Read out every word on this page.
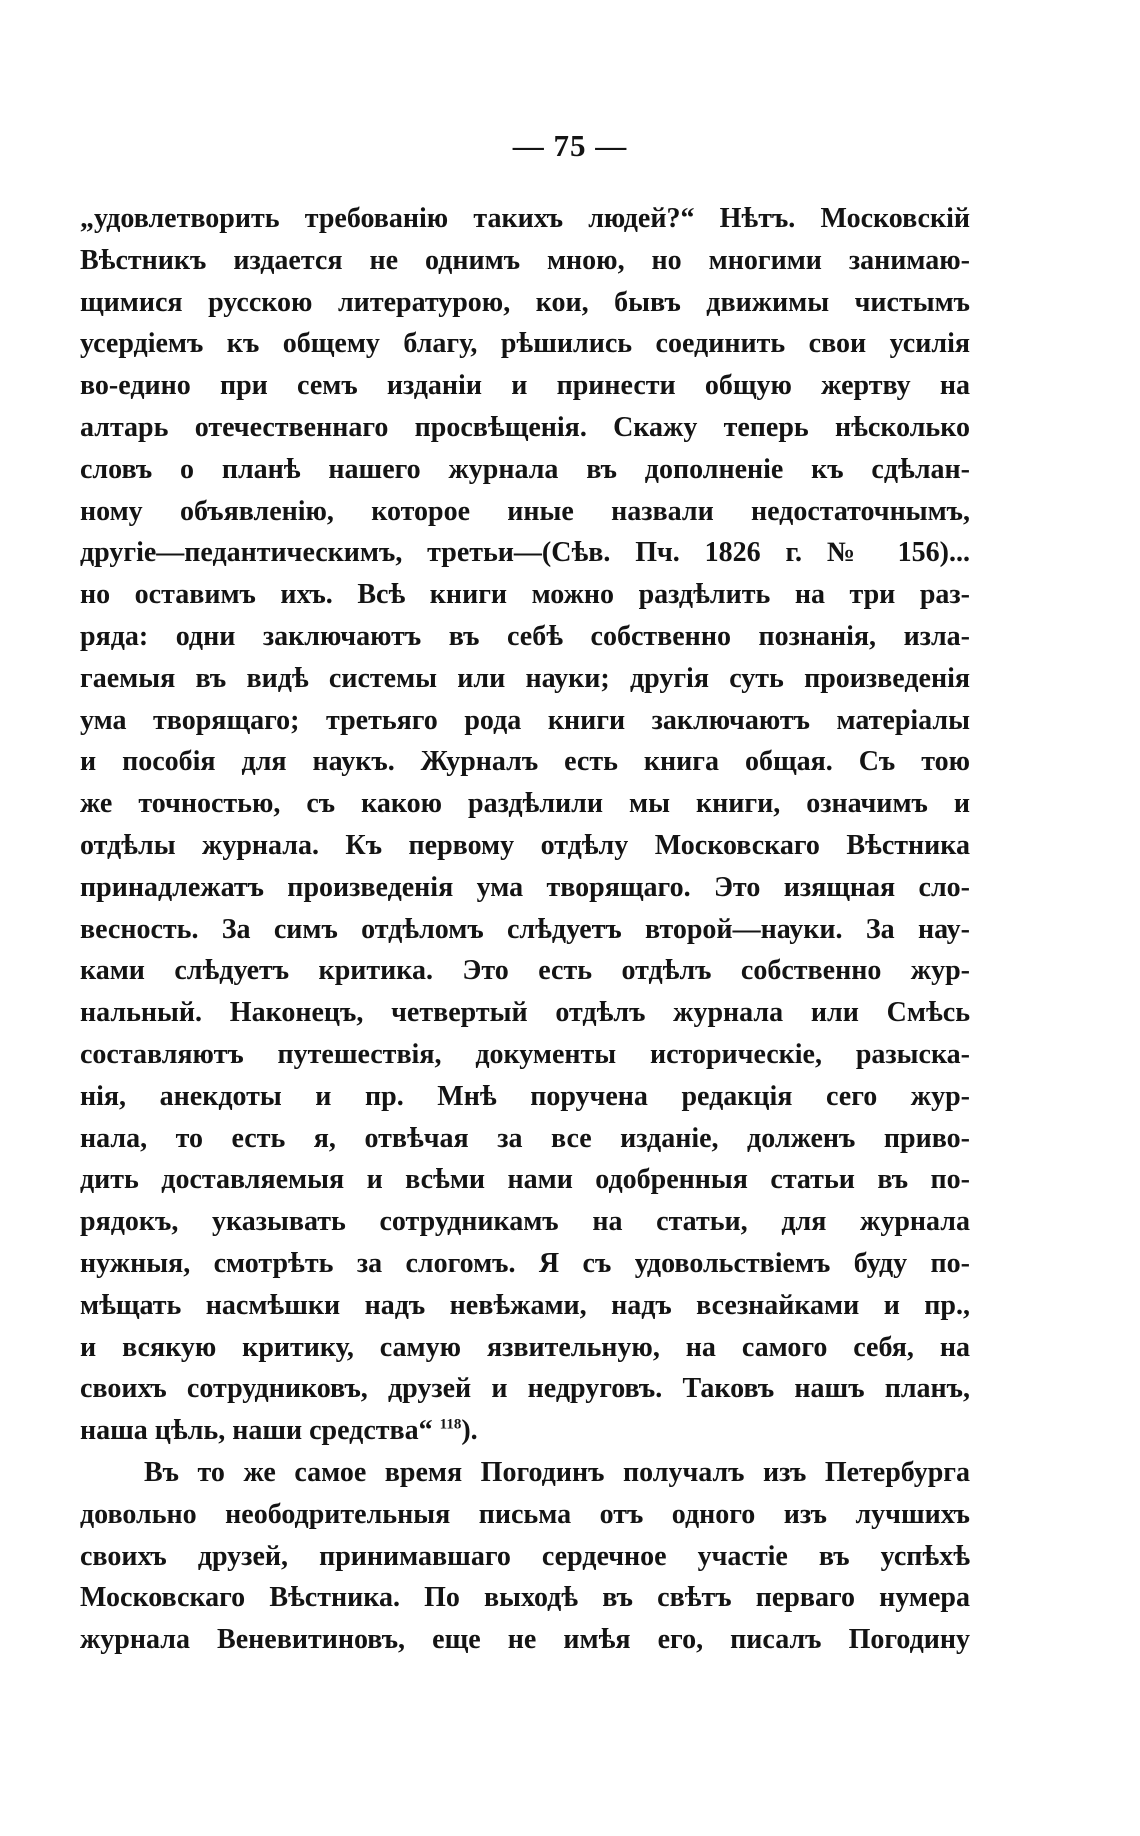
— 75 —
„удовлетворить требованію такихъ людей?“ Нѣтъ. Московскій
Вѣстникъ издается не однимъ мною, но многими занимаю-
щимися русскою литературою, кои, бывъ движимы чистымъ
усердіемъ къ общему благу, рѣшились соединить свои усилія
во-едино при семъ изданіи и принести общую жертву на
алтарь отечественнаго просвѣщенія. Скажу теперь нѣсколько
словъ о планѣ нашего журнала въ дополненіе къ сдѣлан-
ному объявленію, которое иные назвали недостаточнымъ,
другіе—педантическимъ, третьи—(Сѣв. Пч. 1826 г. № 156)...
но оставимъ ихъ. Всѣ книги можно раздѣлить на три раз-
ряда: одни заключаютъ въ себѣ собственно познанія, изла-
гаемыя въ видѣ системы или науки; другія суть произведенія
ума творящаго; третьяго рода книги заключаютъ матеріалы
и пособія для наукъ. Журналъ есть книга общая. Съ тою
же точностью, съ какою раздѣлили мы книги, означимъ и
отдѣлы журнала. Къ первому отдѣлу Московскаго Вѣстника
принадлежатъ произведенія ума творящаго. Это изящная сло-
весность. За симъ отдѣломъ слѣдуетъ второй—науки. За нау-
ками слѣдуетъ критика. Это есть отдѣлъ собственно жур-
нальный. Наконецъ, четвертый отдѣлъ журнала или Смѣсь
составляютъ путешествія, документы историческіе, разыска-
нія, анекдоты и пр. Мнѣ поручена редакція сего жур-
нала, то есть я, отвѣчая за все изданіе, долженъ приво-
дить доставляемыя и всѣми нами одобренныя статьи въ по-
рядокъ, указывать сотрудникамъ на статьи, для журнала
нужныя, смотрѣть за слогомъ. Я съ удовольствіемъ буду по-
мѣщать насмѣшки надъ невѣжами, надъ всезнайками и пр.,
и всякую критику, самую язвительную, на самого себя, на
своихъ сотрудниковъ, друзей и недруговъ. Таковъ нашъ планъ,
наша цѣль, наши средства“ $^{118}$).
Въ то же самое время Погодинъ получалъ изъ Петербурга
довольно неободрительныя письма отъ одного изъ лучшихъ
своихъ друзей, принимавшаго сердечное участіе въ успѣхѣ
Московскаго Вѣстника. По выходѣ въ свѣтъ перваго нумера
журнала Веневитиновъ, еще не имѣя его, писалъ Погодину
